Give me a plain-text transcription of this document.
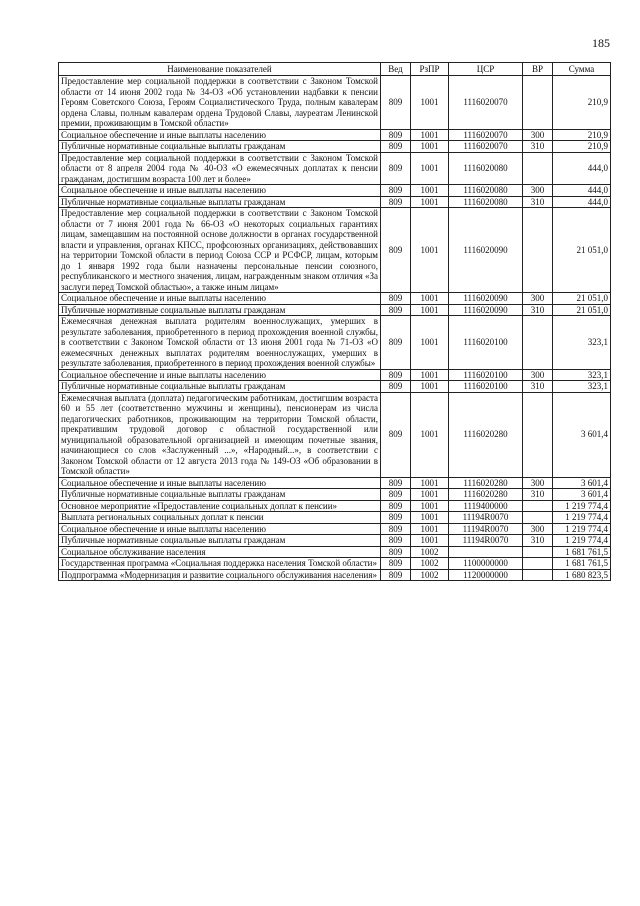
185
Наименование показателей	Вед	РзПР	ЦСР	ВР	Сумма
Предоставление мер социальной поддержки в соответствии с Законом Томской области от 14 июня 2002 года № 34-ОЗ «Об установлении надбавки к пенсии Героям Советского Союза, Героям Социалистического Труда, полным кавалерам ордена Славы, полным кавалерам ордена Трудовой Славы, лауреатам Ленинской премии, проживающим в Томской области»	809	1001	1116020070		210,9
Социальное обеспечение и иные выплаты населению	809	1001	1116020070	300	210,9
Публичные нормативные социальные выплаты гражданам	809	1001	1116020070	310	210,9
Предоставление мер социальной поддержки в соответствии с Законом Томской области от 8 апреля 2004 года № 40-ОЗ «О ежемесячных доплатах к пенсии гражданам, достигшим возраста 100 лет и более»	809	1001	1116020080		444,0
Социальное обеспечение и иные выплаты населению	809	1001	1116020080	300	444,0
Публичные нормативные социальные выплаты гражданам	809	1001	1116020080	310	444,0
Предоставление мер социальной поддержки в соответствии с Законом Томской области от 7 июня 2001 года № 66-ОЗ «О некоторых социальных гарантиях лицам, замещавшим на постоянной основе должности в органах государственной власти и управления, органах КПСС, профсоюзных организациях, действовавших на территории Томской области в период Союза ССР и РСФСР, лицам, которым до 1 января 1992 года были назначены персональные пенсии союзного, республиканского и местного значения, лицам, награжденным знаком отличия «За заслуги перед Томской областью», а также иным лицам»	809	1001	1116020090		21 051,0
Социальное обеспечение и иные выплаты населению	809	1001	1116020090	300	21 051,0
Публичные нормативные социальные выплаты гражданам	809	1001	1116020090	310	21 051,0
Ежемесячная денежная выплата родителям военнослужащих, умерших в результате заболевания, приобретенного в период прохождения военной службы, в соответствии с Законом Томской области от 13 июня 2001 года № 71-ОЗ «О ежемесячных денежных выплатах родителям военнослужащих, умерших в результате заболевания, приобретенного в период прохождения военной службы»	809	1001	1116020100		323,1
Социальное обеспечение и иные выплаты населению	809	1001	1116020100	300	323,1
Публичные нормативные социальные выплаты гражданам	809	1001	1116020100	310	323,1
Ежемесячная выплата (доплата) педагогическим работникам, достигшим возраста 60 и 55 лет (соответственно мужчины и женщины), пенсионерам из числа педагогических работников, проживающим на территории Томской области, прекратившим трудовой договор с областной государственной или муниципальной образовательной организацией и имеющим почетные звания, начинающиеся со слов «Заслуженный ...», «Народный...», в соответствии с Законом Томской области от 12 августа 2013 года № 149-ОЗ «Об образовании в Томской области»	809	1001	1116020280		3 601,4
Социальное обеспечение и иные выплаты населению	809	1001	1116020280	300	3 601,4
Публичные нормативные социальные выплаты гражданам	809	1001	1116020280	310	3 601,4
Основное мероприятие «Предоставление социальных доплат к пенсии»	809	1001	1119400000		1 219 774,4
Выплата региональных социальных доплат к пенсии	809	1001	11194R0070		1 219 774,4
Социальное обеспечение и иные выплаты населению	809	1001	11194R0070	300	1 219 774,4
Публичные нормативные социальные выплаты гражданам	809	1001	11194R0070	310	1 219 774,4
Социальное обслуживание населения	809	1002			1 681 761,5
Государственная программа «Социальная поддержка населения Томской области»	809	1002	1100000000		1 681 761,5
Подпрограмма «Модернизация и развитие социального обслуживания населения»	809	1002	1120000000		1 680 823,5
